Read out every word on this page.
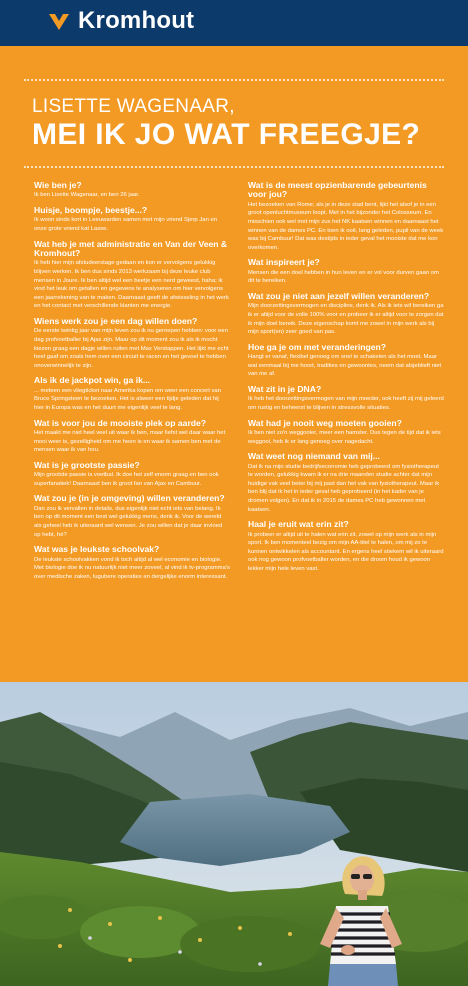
Kromhout
LISETTE WAGENAAR,
MEI IK JO WAT FREEGJE?
Wie ben je?
Ik ben Lisette Wagenaar, en ben 26 jaar.
Huisje, boompje, beestje...?
Ik woon sinds kort in Leeuwarden samen met mijn vriend Sjerp Jan en onze grote vriend kat Lasse.
Wat heb je met administratie en Van der Veen & Kromhout?
Ik heb hier mijn afstudeerstage gedaan en kon er vervolgens gelukkig blijven werken. Ik ben dus sinds 2013 werkzaam bij deze leuke club mensen in Joure. Ik ben altijd wel een beetje een nerd geweest, haha; ik vind het leuk om getallen en gegevens te analyseren om hier vervolgens een jaarrekening van te maken. Daarnaast geeft de afwisseling in het werk en het contact met verschillende klanten me energie.
Wiens werk zou je een dag willen doen?
De eerste twintig jaar van mijn leven zou ik nu geroepen hebben: voor een dag profvoetballer bij Ajax zijn. Maar op dit moment zou ik als ik mocht kiezen graag een dagje willen ruilen met Max Verstappen. Het lijkt me echt heel gaaf om zoals hem over een circuit te racen en het gevoel te hebben onoverwinnelijk te zijn.
Als ik de jackpot win, ga ik...
... meteen een vliegticket naar Amerika kopen om weer een concert van Bruce Springsteen te bezoeken. Het is alweer een tijdje geleden dat hij hier in Europa was en het duurt me eigenlijk veel te lang.
Wat is voor jou de mooiste plek op aarde?
Het maakt me niet heel veel uit waar ik ben, maar liefst wel daar waar het mooi weer is, gezelligheid om me heen is en waar ik samen ben met de mensen waar ik van hou.
Wat is je grootste passie?
Mijn grootste passie is voetbal. Ik doe het zelf enorm graag en ben ook superfanatiek! Daarnaast ben ik groot fan van Ajax en Cambuur.
Wat zou je (in je omgeving) willen veranderen?
Dan zou ik vervallen in details, dus eigenlijk niet echt iets van belang. Ik ben op dit moment een best wel gelukkig mens, denk ik. Voor de wereld als geheel heb ik uiteraard wel wensen. Je zou willen dat je daar invloed op hebt, hè?
Wat was je leukste schoolvak?
De leukste schoolvakken vond ik toch altijd al wel economie en biologie. Met biologie doe ik nu natuurlijk niet meer zoveel, al vind ik tv-programma's over medische zaken, lugubere operaties en dergelijke enorm interessant.
Wat is de meest opzienbarende gebeurtenis voor jou?
Het bezoeken van Rome; als je in deze stad bent, lijkt het alsof je in een groot openluchtmuseum loopt. Met in het bijzonder het Colosseum. En misschien ook wel met mijn zus het NK kaatsen winnen en daarnaast het winnen van de dames PC. En toen ik ooit, lang geleden, pupil van de week was bij Cambuur! Dat was destijds in ieder geval het mooiste dat me kon overkomen.
Wat inspireert je?
Mensen die een doel hebben in hun leven en er vol voor durven gaan om dit te bereiken.
Wat zou je niet aan jezelf willen veranderen?
Mijn doorzettingsvermogen en discipline, denk ik. Als ik iets wil bereiken ga ik er altijd voor de volle 100% voor en probeer ik er altijd voor te zorgen dat ik mijn doel bereik. Deze eigenschap komt me zowel in mijn werk als bij mijn sport(en) zeer goed van pas.
Hoe ga je om met veranderingen?
Hangt er vanaf, flexibel genoeg om snel te schakelen als het moet. Maar wat eenmaal bij me hoort, tradities en gewoontes, neem dat alsjeblieft niet van me af.
Wat zit in je DNA?
Ik heb het doorzettingsvermogen van mijn moeder, ook heeft zij mij geleerd om rustig en beheerst te blijven in stressvolle situaties.
Wat had je nooit weg moeten gooien?
Ik ben niet zo'n weggooier, meer een hamster. Dus tegen de tijd dat ik iets weggooi, heb ik er lang genoeg over nagedacht.
Wat weet nog niemand van mij...
Dat ik na mijn studie bedrijfseconomie heb geprobeerd om fysiotherapeut te worden, gelukkig kwam ik er na drie maanden studie achter dat mijn huidige vak veel beter bij mij past dan het vak van fysiotherapeut. Maar ik ben blij dat ik het in ieder geval heb geprobeerd (in het kader van je dromen volgen). En dat ik in 2015 de dames PC heb gewonnen met kaatsen.
Haal je eruit wat erin zit?
Ik probeer er altijd uit te halen wat erin zit, zowel op mijn werk als in mijn sport. Ik ben momenteel bezig om mijn AA-titel te halen, om mij zo te kunnen ontwikkelen als accountant. En ergens heel stiekem wil ik uiteraard ook nog gewoon profvoetballer worden, en die droom houd ik gewoon lekker mijn hele leven vast.
